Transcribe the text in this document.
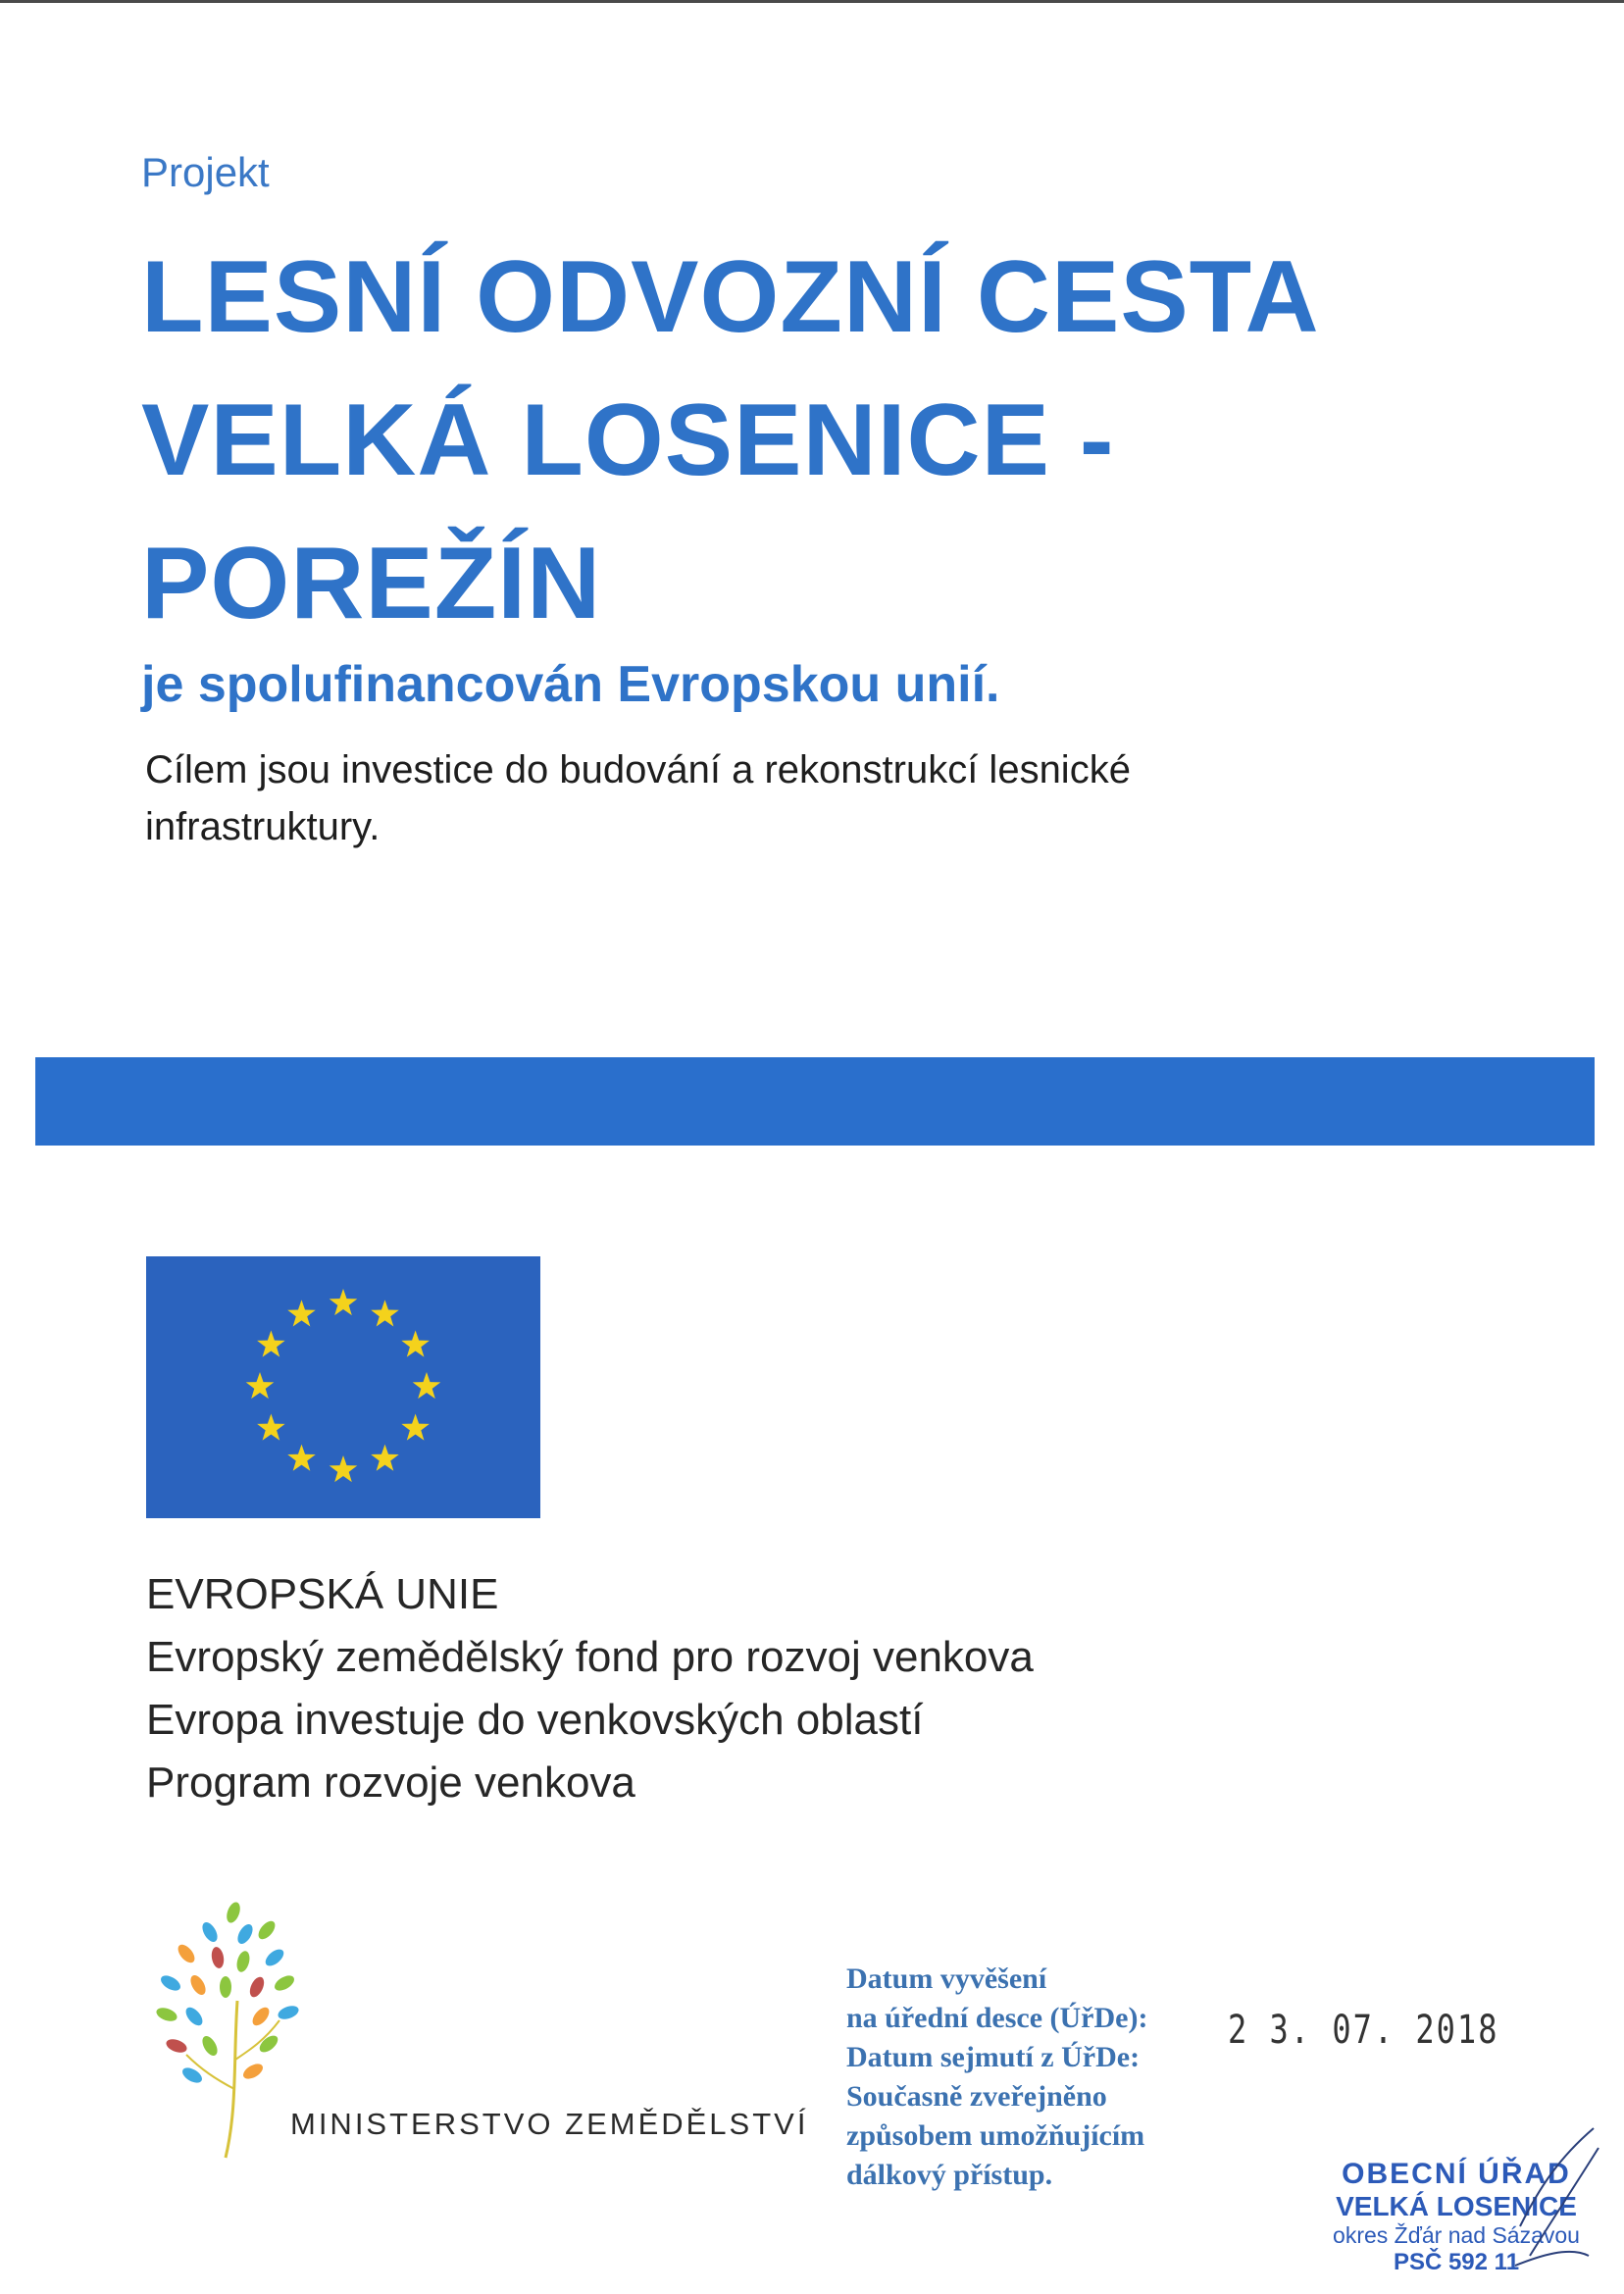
Projekt
LESNÍ ODVOZNÍ CESTA
VELKÁ LOSENICE -
POREŽÍN
je spolufinancován Evropskou unií.
Cílem jsou investice do budování a rekonstrukcí lesnické
infrastruktury.
EVROPSKÁ UNIE
Evropský zemědělský fond pro rozvoj venkova
Evropa investuje do venkovských oblastí
Program rozvoje venkova
MINISTERSTVO ZEMĚDĚLSTVÍ
Datum vyvěšení
na úřední desce (ÚřDe):
Datum sejmutí z ÚřDe:
Současně zveřejněno
způsobem umožňujícím
dálkový přístup.
2 3. 07. 2018
OBECNÍ ÚŘAD
VELKÁ LOSENICE
okres Žďár nad Sázavou
PSČ 592 11
